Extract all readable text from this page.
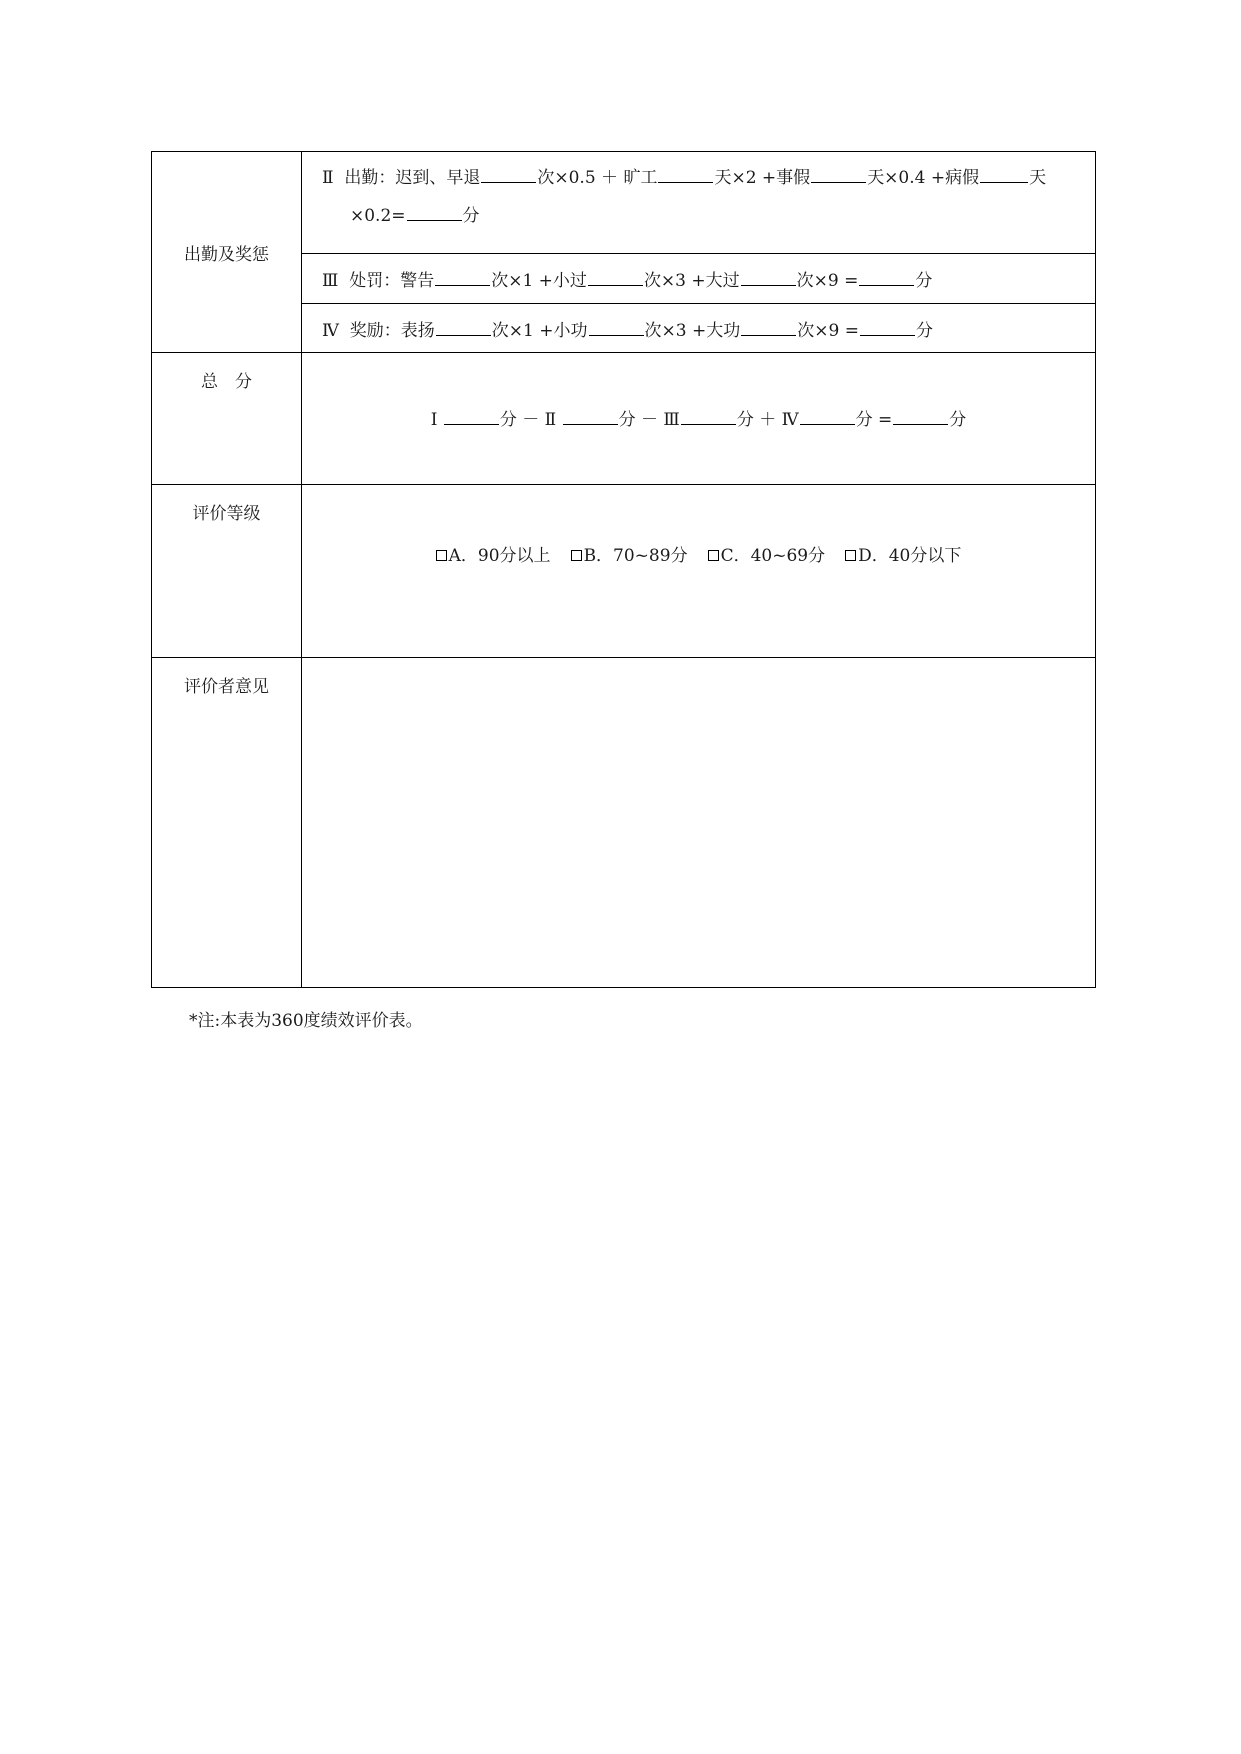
出勤及奖惩	Ⅱ 出勤：迟到、早退 次×0.5 ＋ 旷工 天×2 +事假 天×0.4 +病假 天
×0.2= 分
	Ⅲ 处罚：警告 次×1 +小过 次×3 +大过 次×9 = 分
	Ⅳ 奖励：表扬 次×1 +小功 次×3 +大功 次×9 = 分
总　分	Ⅰ 分 － Ⅱ 分 － Ⅲ 分 ＋ Ⅳ 分 = 分
评价等级	A．90分以上 B．70~89分 C．40~69分 D．40分以下
评价者意见	
*注:本表为360度绩效评价表。
